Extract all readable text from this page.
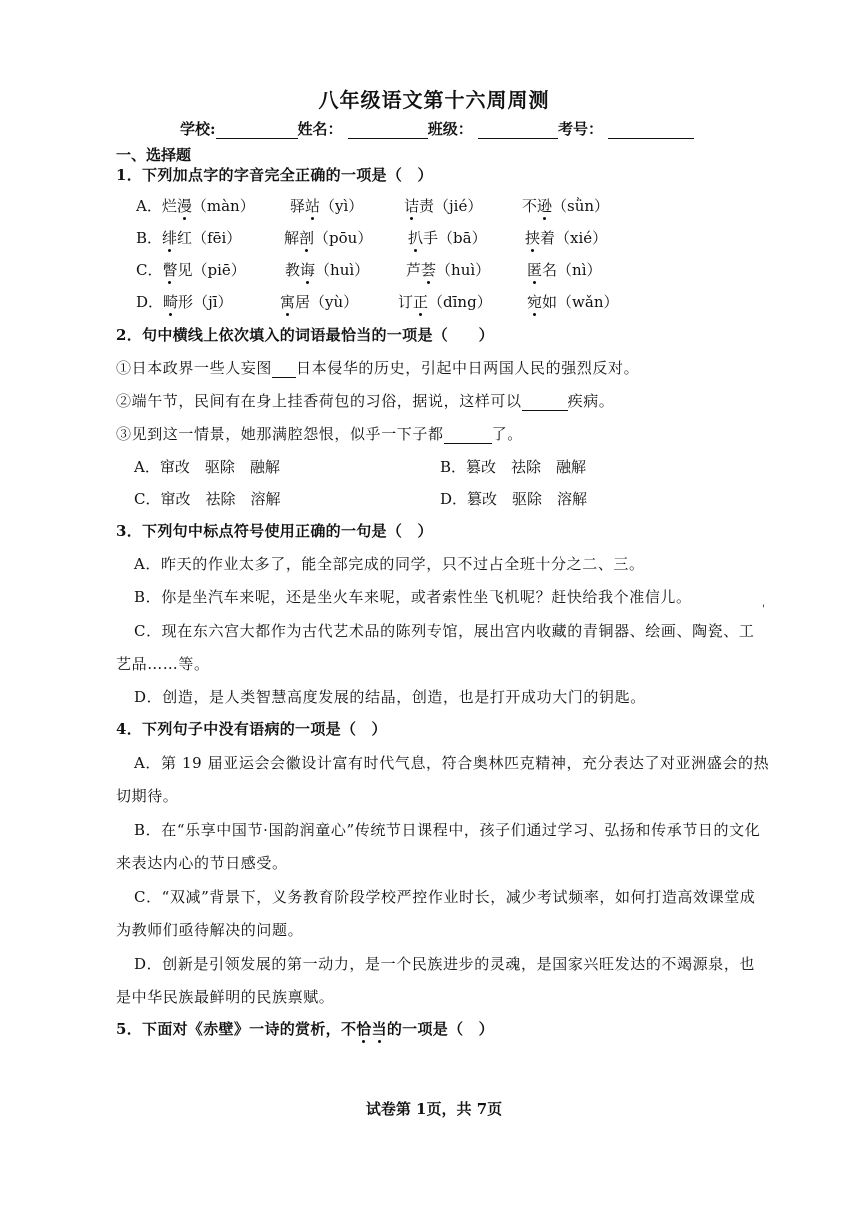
八年级语文第十六周周测
学校:	姓名：	班级：	考号：
一、选择题
1．下列加点字的字音完全正确的一项是（　）
A．烂漫（màn） 驿站（yì）	诘责（jié）	不逊（sǜn）
B．绯红（fēi）	解剖（pōu） 扒手（bā）	挟着（xié）
C．瞥见（piē）	教诲（huì） 芦荟（huì） 匿名（nì）
D．畸形（jī）	寓居（yù）	订正（dīng） 宛如（wǎn）
2．句中横线上依次填入的词语最恰当的一项是（　　）
①日本政界一些人妄图 日本侵华的历史，引起中日两国人民的强烈反对。
②端午节，民间有在身上挂香荷包的习俗，据说，这样可以	疾病。
③见到这一情景，她那满腔怨恨，似乎一下子都	了。
A．窜改　驱除　融解	B．篡改　祛除　融解
C．窜改　祛除　溶解	D．篡改　驱除　溶解
3．下列句中标点符号使用正确的一句是（　）
A．昨天的作业太多了，能全部完成的同学，只不过占全班十分之二、三。
B．你是坐汽车来呢，还是坐火车来呢，或者索性坐飞机呢？赶快给我个准信儿。
C．现在东六宫大都作为古代艺术品的陈列专馆，展出宫内收藏的青铜器、绘画、陶瓷、工
艺品……等。
D．创造，是人类智慧高度发展的结晶，创造，也是打开成功大门的钥匙。
4．下列句子中没有语病的一项是（　）
A．第 19 届亚运会会徽设计富有时代气息，符合奥林匹克精神，充分表达了对亚洲盛会的热
切期待。
B．在“乐享中国节·国韵润童心”传统节日课程中，孩子们通过学习、弘扬和传承节日的文化
来表达内心的节日感受。
C．“双减”背景下，义务教育阶段学校严控作业时长，减少考试频率，如何打造高效课堂成
为教师们亟待解决的问题。
D．创新是引领发展的第一动力，是一个民族进步的灵魂，是国家兴旺发达的不竭源泉，也
是中华民族最鲜明的民族禀赋。
5．下面对《赤壁》一诗的赏析，不恰当的一项是（　）
'
试卷第 1页，共 7页
